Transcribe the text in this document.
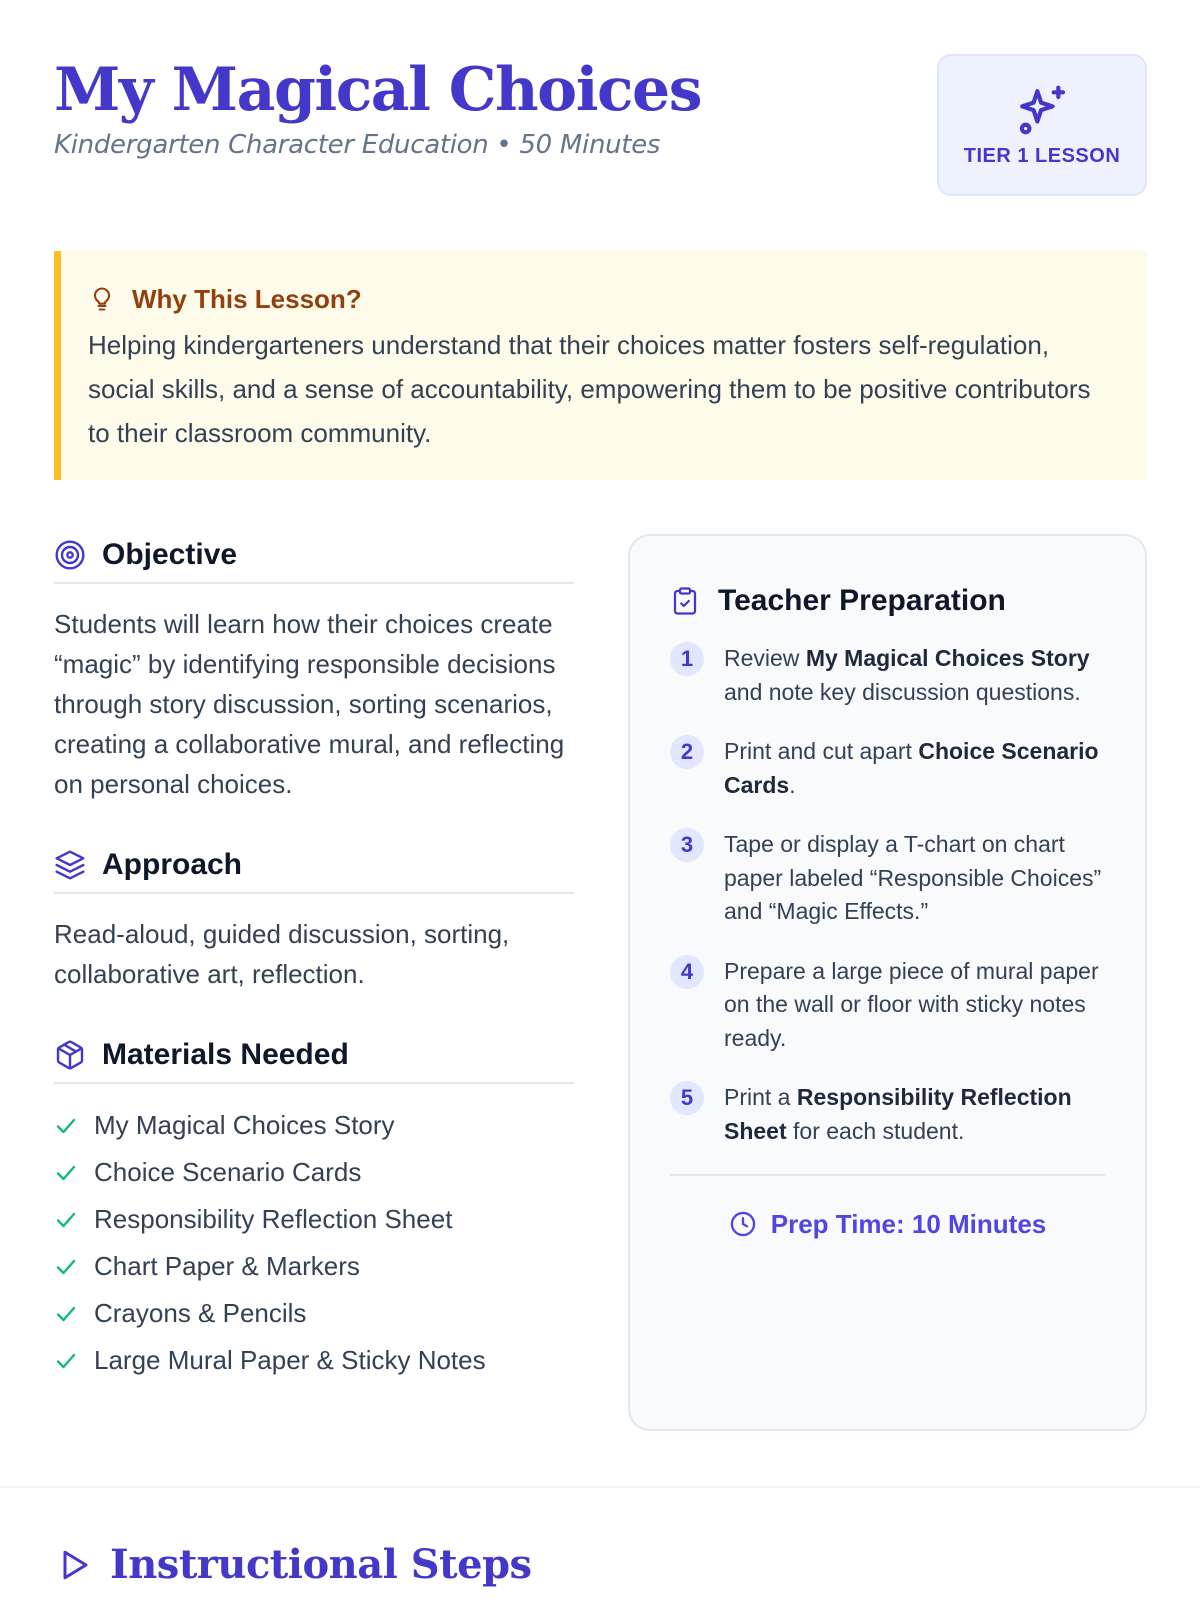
My Magical Choices
Kindergarten Character Education • 50 Minutes	TIER 1 LESSON
Why This Lesson?

Helping kindergarteners understand that their choices matter fosters self-regulation, social skills, and a sense of accountability, empowering them to be positive contributors to their classroom community.

Objective

Students will learn how their choices create “magic” by identifying responsible decisions through story discussion, sorting scenarios, creating a collaborative mural, and reflecting on personal choices.

Approach

Read-aloud, guided discussion, sorting, collaborative art, reflection.

Materials Needed
My Magical Choices Story
Choice Scenario Cards
Responsibility Reflection Sheet
Chart Paper & Markers
Crayons & Pencils
Large Mural Paper & Sticky Notes
Teacher Preparation
1	Review My Magical Choices Story and note key discussion questions.
2	Print and cut apart Choice Scenario Cards.
3	Tape or display a T-chart on chart paper labeled “Responsible Choices” and “Magic Effects.”
4	Prepare a large piece of mural paper on the wall or floor with sticky notes ready.
5	Print a Responsibility Reflection Sheet for each student.
Prep Time: 10 Minutes
Instructional Steps
